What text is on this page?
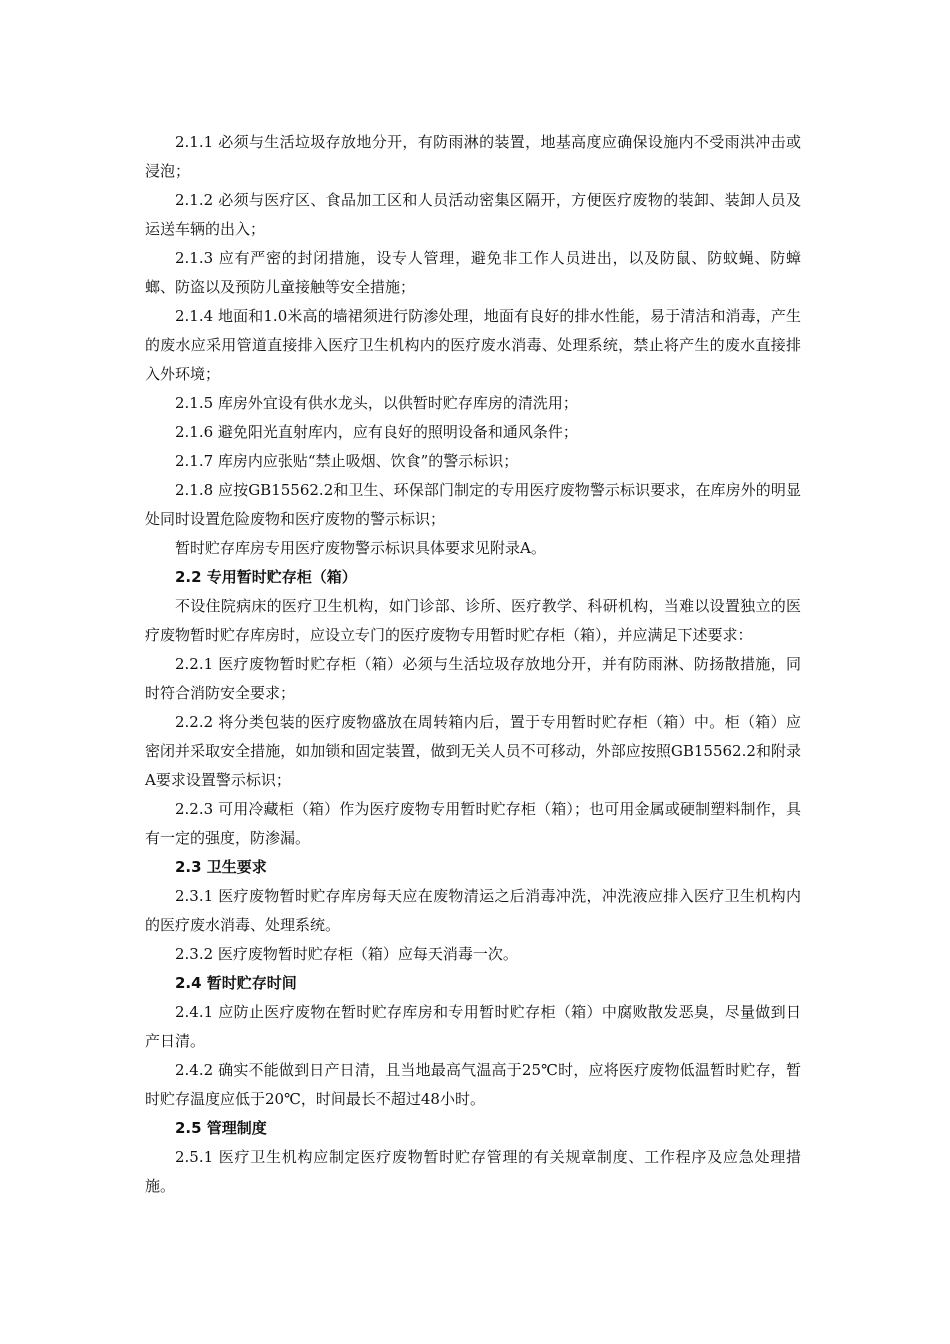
2.1.1 必须与生活垃圾存放地分开，有防雨淋的装置，地基高度应确保设施内不受雨洪冲击或浸泡；

2.1.2 必须与医疗区、食品加工区和人员活动密集区隔开，方便医疗废物的装卸、装卸人员及运送车辆的出入；

2.1.3 应有严密的封闭措施，设专人管理，避免非工作人员进出，以及防鼠、防蚊蝇、防蟑螂、防盗以及预防儿童接触等安全措施；

2.1.4 地面和1.0米高的墙裙须进行防渗处理，地面有良好的排水性能，易于清洁和消毒，产生的废水应采用管道直接排入医疗卫生机构内的医疗废水消毒、处理系统，禁止将产生的废水直接排入外环境；

2.1.5 库房外宜设有供水龙头，以供暂时贮存库房的清洗用；

2.1.6 避免阳光直射库内，应有良好的照明设备和通风条件；

2.1.7 库房内应张贴“禁止吸烟、饮食”的警示标识；

2.1.8 应按GB15562.2和卫生、环保部门制定的专用医疗废物警示标识要求，在库房外的明显处同时设置危险废物和医疗废物的警示标识；

暂时贮存库房专用医疗废物警示标识具体要求见附录A。

2.2 专用暂时贮存柜（箱）

不设住院病床的医疗卫生机构，如门诊部、诊所、医疗教学、科研机构，当难以设置独立的医疗废物暂时贮存库房时，应设立专门的医疗废物专用暂时贮存柜（箱），并应满足下述要求：

2.2.1 医疗废物暂时贮存柜（箱）必须与生活垃圾存放地分开，并有防雨淋、防扬散措施，同时符合消防安全要求；

2.2.2 将分类包装的医疗废物盛放在周转箱内后，置于专用暂时贮存柜（箱）中。柜（箱）应密闭并采取安全措施，如加锁和固定装置，做到无关人员不可移动，外部应按照GB15562.2和附录A要求设置警示标识；

2.2.3 可用冷藏柜（箱）作为医疗废物专用暂时贮存柜（箱）；也可用金属或硬制塑料制作，具有一定的强度，防渗漏。

2.3 卫生要求

2.3.1 医疗废物暂时贮存库房每天应在废物清运之后消毒冲洗，冲洗液应排入医疗卫生机构内的医疗废水消毒、处理系统。

2.3.2 医疗废物暂时贮存柜（箱）应每天消毒一次。

2.4 暂时贮存时间

2.4.1 应防止医疗废物在暂时贮存库房和专用暂时贮存柜（箱）中腐败散发恶臭，尽量做到日产日清。

2.4.2 确实不能做到日产日清，且当地最高气温高于25℃时，应将医疗废物低温暂时贮存，暂时贮存温度应低于20℃，时间最长不超过48小时。

2.5 管理制度

2.5.1 医疗卫生机构应制定医疗废物暂时贮存管理的有关规章制度、工作程序及应急处理措施。
